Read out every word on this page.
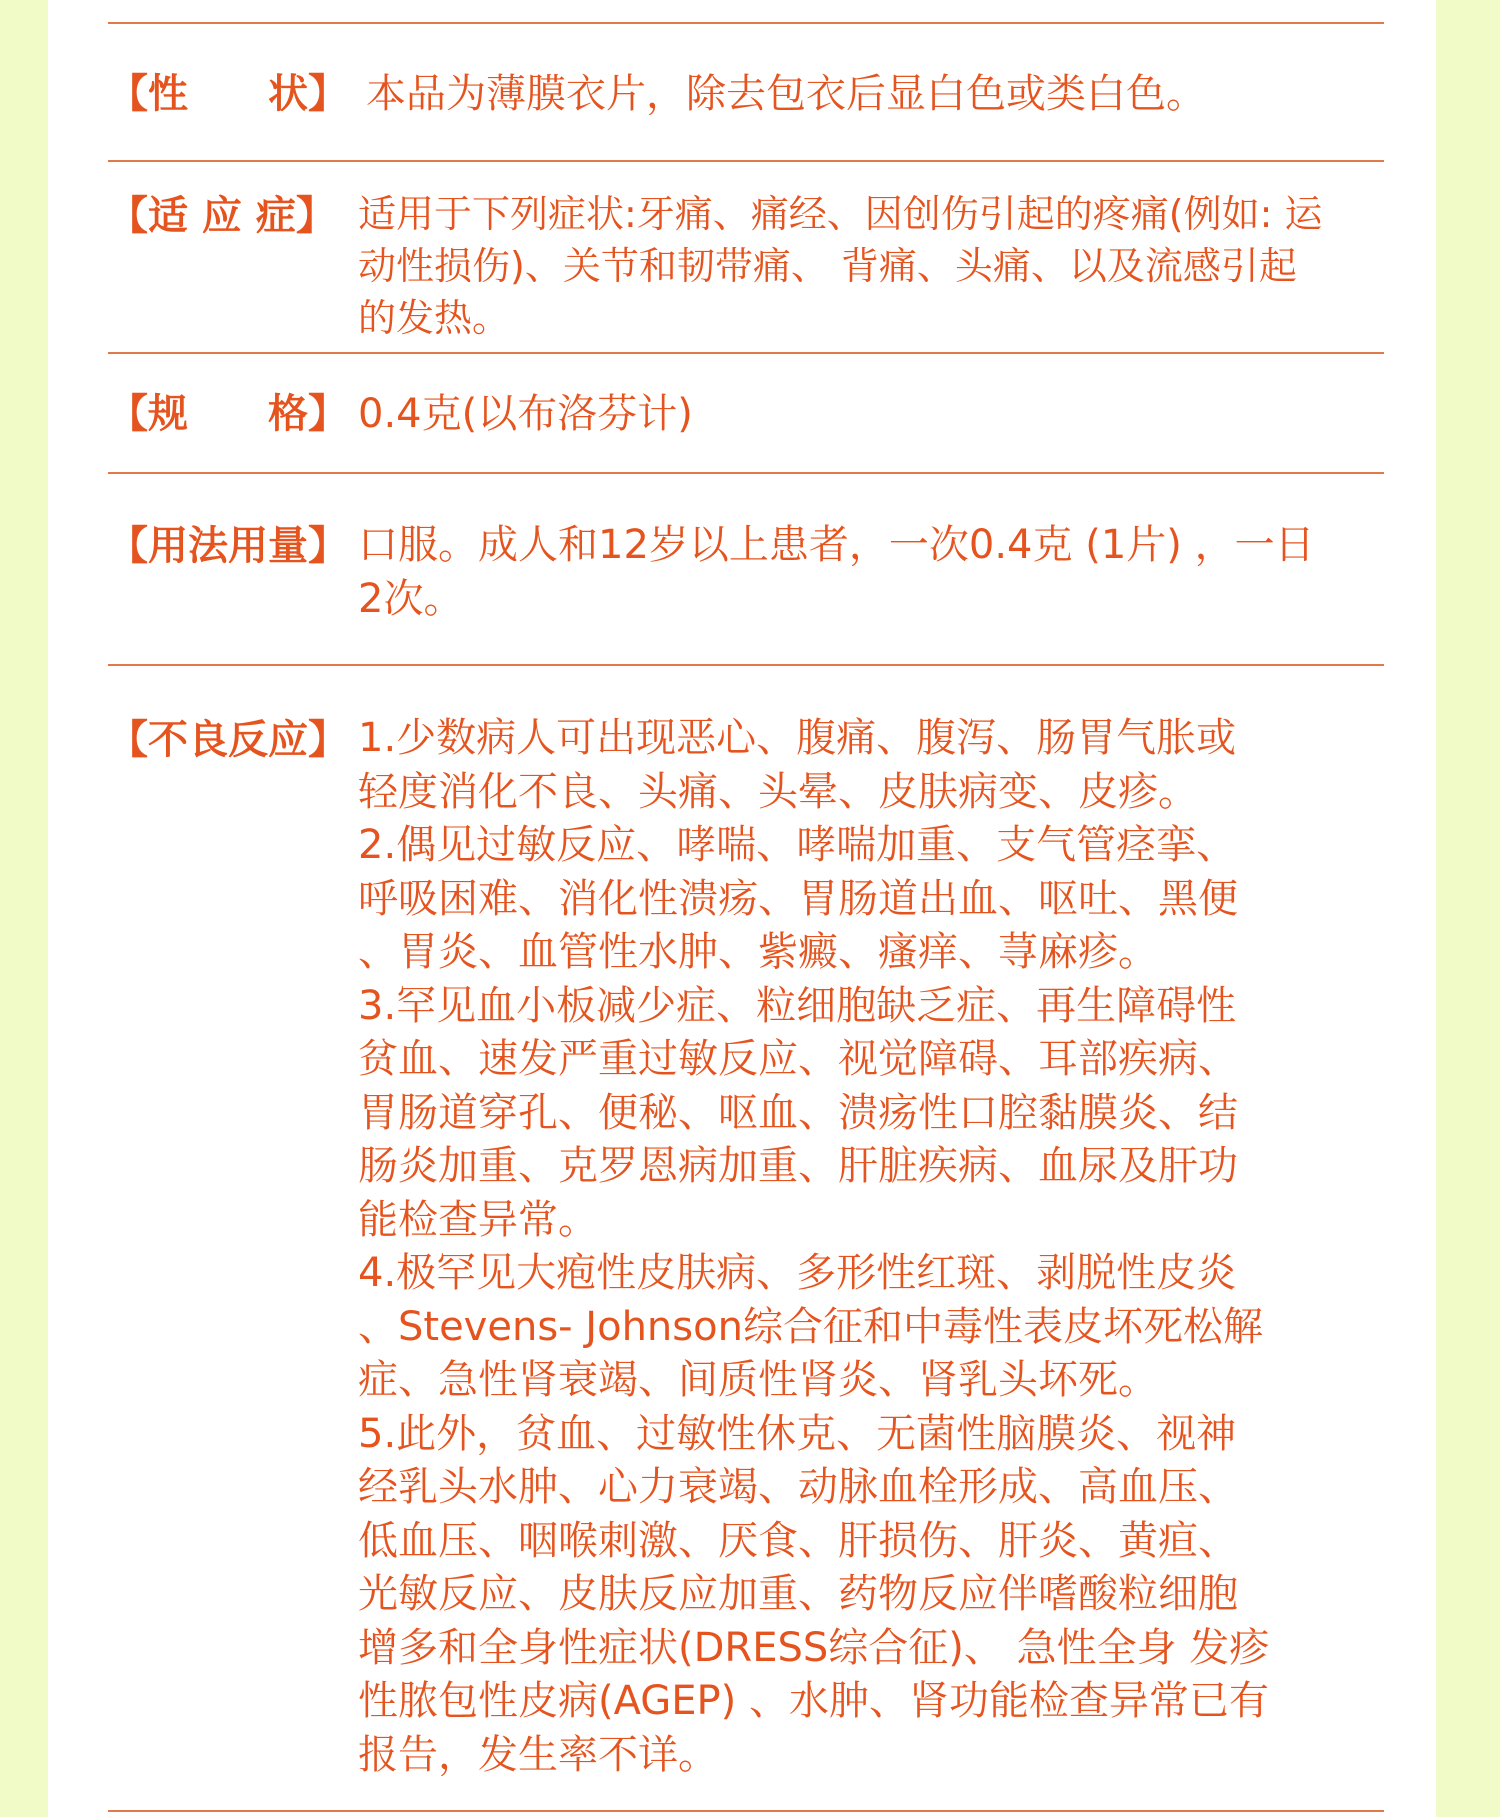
【性　　状】 本品为薄膜衣片，除去包衣后显白色或类白色。
【适 应 症】 适用于下列症状:牙痛、痛经、因创伤引起的疼痛(例如: 运
动性损伤)、关节和韧带痛、 背痛、头痛、以及流感引起
的发热。
【规　　格】 0.4克(以布洛芬计)
【用法用量】 口服。成人和12岁以上患者，一次0.4克 (1片) ，一日
2次。
【不良反应】 1.少数病人可出现恶心、腹痛、腹泻、肠胃气胀或
轻度消化不良、头痛、头晕、皮肤病变、皮疹。
2.偶见过敏反应、哮喘、哮喘加重、支气管痉挛、
呼吸困难、消化性溃疡、胃肠道出血、呕吐、黑便
、胃炎、血管性水肿、紫癜、瘙痒、荨麻疹。
3.罕见血小板减少症、粒细胞缺乏症、再生障碍性
贫血、速发严重过敏反应、视觉障碍、耳部疾病、
胃肠道穿孔、便秘、呕血、溃疡性口腔黏膜炎、结
肠炎加重、克罗恩病加重、肝脏疾病、血尿及肝功
能检查异常。
4.极罕见大疱性皮肤病、多形性红斑、剥脱性皮炎
、Stevens- Johnson综合征和中毒性表皮坏死松解
症、急性肾衰竭、间质性肾炎、肾乳头坏死。
5.此外，贫血、过敏性休克、无菌性脑膜炎、视神
经乳头水肿、心力衰竭、动脉血栓形成、高血压、
低血压、咽喉刺激、厌食、肝损伤、肝炎、黄疸、
光敏反应、皮肤反应加重、药物反应伴嗜酸粒细胞
增多和全身性症状(DRESS综合征)、 急性全身 发疹
性脓包性皮病(AGEP) 、水肿、肾功能检查异常已有
报告，发生率不详。
